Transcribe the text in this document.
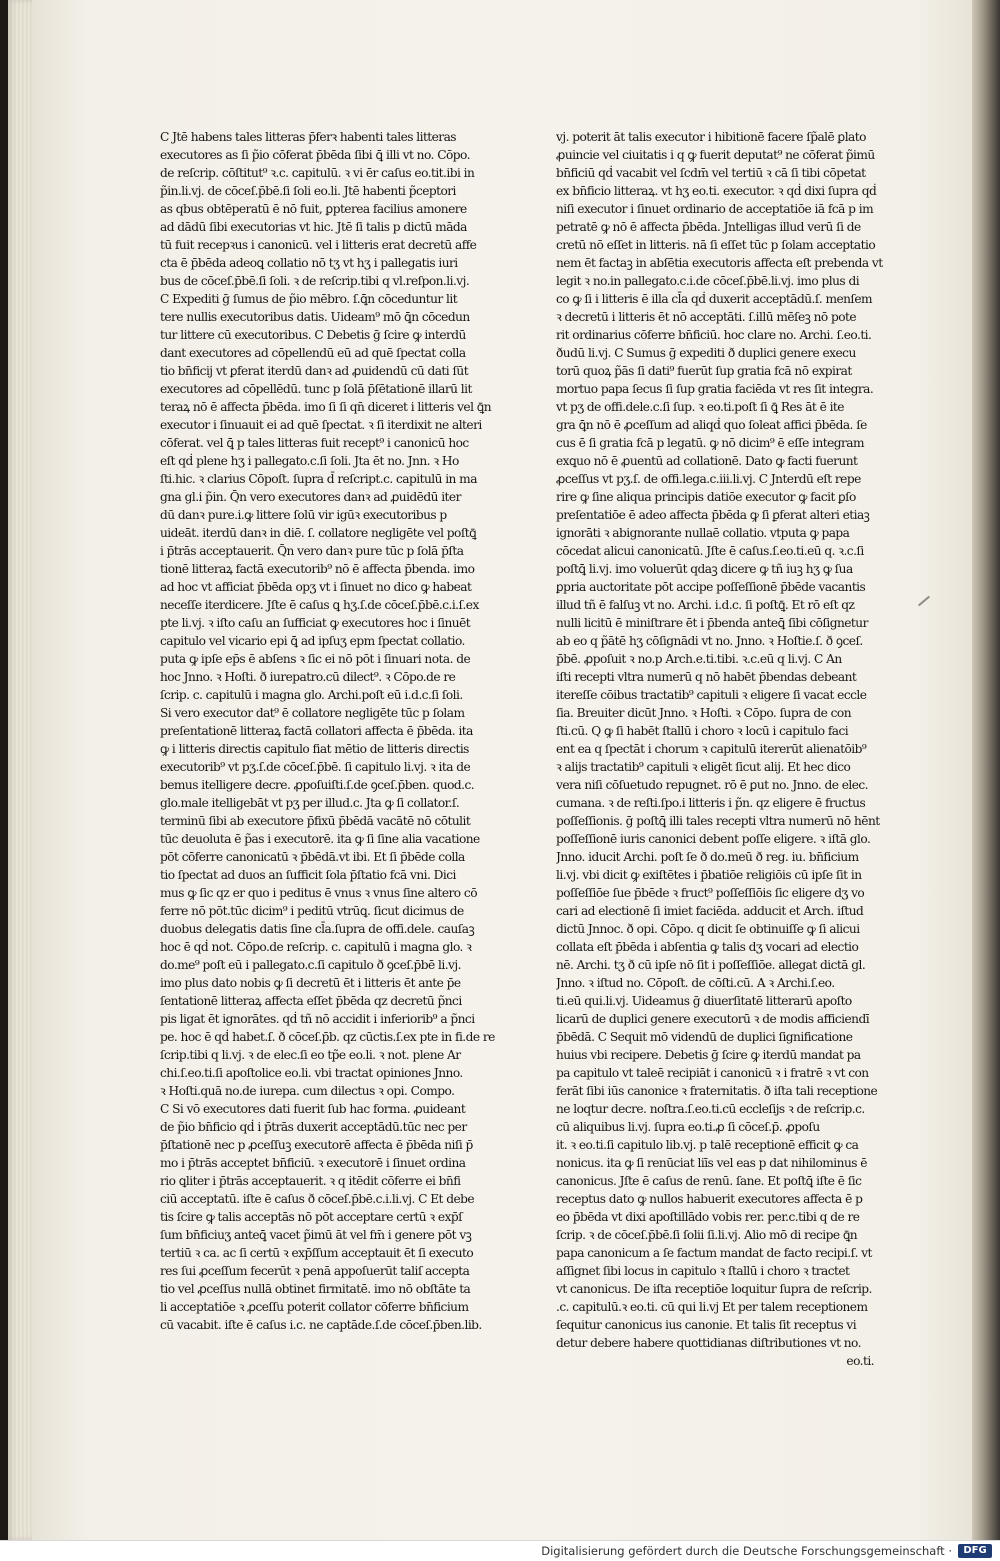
C Jtē habens tales litteras p̄ferꝛ habenti tales litteras
executores as ſi p̃io cōferat p̄bēda ſibi ꝗ̄ illi vt no. Cōpo.
de reſcrip. cōſtitut⁹ ꝛ.c. capitulū. ꝛ vi ēr caſus eo.tit.ibi in
p̃in.li.vj. de cōceſ.p̄bē.ſi ſoli eo.li. Jtē habenti p̃ceptori
as qbus obtēperatū ē nō fuit, ꝑpterea facilius amonere
ad dādū ſibi executorias vt hic. Jtē ſi talis p dictū māda
tū fuit recepꝛus i canonicū. vel i litteris erat decretū affe
cta ē p̄bēda adeoꝗ collatio nō tʒ vt hʒ i pallegatis iuri
bus de cōceſ.p̄bē.ſi ſoli. ꝛ de reſcrip.tibi q vl.reſpon.li.vj.
C Expediti ḡ ſumus de p̃io mēbro. ſ.ꝗ̄n cōceduntur lit
tere nullis executoribus datis. Uideam⁹ mō ꝗ̄n cōcedun
tur littere cū executoribus. C Debetis ḡ ſcire ꝙ interdū
dant executores ad cōpellendū eū ad quē ſpectat colla
tio bn̄ficij vt ꝑferat iterdū danꝛ ad ꝓuidendū cū dati ſūt
executores ad cōpellēdū. tunc p ſolā p̄ſētationē illarū lit
teraꝝ nō ē affecta p̄bēda. imo ſi ſi qn̄ diceret i litteris vel ꝗ̄n
executor i ſinuauit ei ad quē ſpectat. ꝛ ſi iterdixit ne alteri
cōferat. vel ꝗ̄ p tales litteras fuit recept⁹ i canonicū hoc
eſt qḋ plene hʒ i pallegato.c.ſi ſoli. Jta ēt no. Jnn. ꝛ Ho
ſti.hic. ꝛ clarius Cōpoſt. ſupra d̄ reſcript.c. capitulū in ma
gna gl.i p̃in. Q̄n vero executores danꝛ ad ꝓuidēdū iter
dū danꝛ pure.i.ꝙ littere ſolū vir igūꝛ executoribus p
uideāt. iterdū danꝛ in diē. ſ. collatore negligēte vel poſtꝗ̄
i p̄trās acceptauerit. Q̄n vero danꝛ pure tūc p ſolā p̄ſta
tionē litteraꝝ factā executorib⁹ nō ē affecta p̄benda. imo
ad hoc vt afficiat p̄bēda opʒ vt i ſinuet no dico ꝙ habeat
neceſſe iterdicere. Jſte ē caſus ꝗ hʒ.ſ.de cōceſ.p̄bē.c.i.ſ.ex
pte li.vj. ꝛ iſto caſu an ſufficiat ꝙ executores hoc i ſinuēt
capitulo vel vicario epi ꝗ̄ ad ipſuʒ epm ſpectat collatio.
puta ꝙ ipſe ep̄s ē abſens ꝛ ſic ei nō pōt i ſinuari nota. de
hoc Jnno. ꝛ Hoſti. ð iurepatro.cū dilect⁹. ꝛ Cōpo.de re
ſcrip. c. capitulū i magna glo. Archi.poſt eū i.d.c.ſi ſoli.
Si vero executor dat⁹ ē collatore negligēte tūc p ſolam
preſentationē litteraꝝ factā collatori affecta ē p̄bēda. ita
ꝙ i litteris directis capitulo fiat mētio de litteris directis
executorib⁹ vt pʒ.ſ.de cōceſ.p̄bē. ſi capitulo li.vj. ꝛ ita de
bemus itelligere decre. ꝓpoſuiſti.ſ.de ꝯceſ.p̄ben. quod.c.
glo.male itelligebāt vt pʒ per illud.c. Jta ꝙ ſi collator.ſ.
terminū ſibi ab executore p̄fixū p̄bēdā vacātē nō cōtulit
tūc deuoluta ē p̃as i executorē. ita ꝙ ſi ſine alia vacatione
pōt cōferre canonicatū ꝛ p̄bēdā.vt ibi. Et ſi p̄bēde colla
tio ſpectat ad duos an ſufficit ſola p̄ſtatio fcā vni. Dici
mus ꝙ ſic qz er quo i peditus ē vnus ꝛ vnus ſine altero cō
ferre nō pōt.tūc dicim⁹ i peditū vtrūꝗ. ſicut dicimus de
duobus delegatis datis ſine cl̄a.ſupra de offi.dele. cauſaꝫ
hoc ē qḋ not. Cōpo.de reſcrip. c. capitulū i magna glo. ꝛ
do.me⁹ poſt eū i pallegato.c.ſi capitulo ð ꝯceſ.p̄bē li.vj.
imo plus dato nobis ꝙ ſi decretū ēt i litteris ēt ante p̄e
ſentationē litteraꝝ affecta eſſet p̄bēda qz decretū p̃nci
pis ligat ēt ignorātes. qḋ tñ nō accidit i inferiorib⁹ a p̃nci
pe. hoc ē qḋ habet.ſ. ð cōceſ.p̄b. qz cūctis.ſ.ex pte in fi.de re
ſcrip.tibi q li.vj. ꝛ de elec.ſi eo tp̃e eo.li. ꝛ not. plene Ar
chi.ſ.eo.ti.ſi apoſtolice eo.li. vbi tractat opiniones Jnno.
ꝛ Hoſti.quā no.de iurepa. cum dilectus ꝛ opi. Compo.
C Si vō executores dati fuerit ſub hac forma. ꝓuideant
de p̃io bn̄ficio qḋ i p̄trās duxerit acceptādū.tūc nec per
p̄ſtationē nec p ꝓceſſuꝫ executorē affecta ē p̄bēda niſi p̄
mo i p̄trās acceptet bn̄ficiū. ꝛ executorē i ſinuet ordina
rio ꝗliter i p̄trās acceptauerit. ꝛ q itēdit cōferre ei bn̄fi
ciū acceptatū. iſte ē caſus ð cōceſ.p̄bē.c.i.li.vj. C Et debe
tis ſcire ꝙ talis acceptās nō pōt acceptare certū ꝛ exp̄ſ
ſum bn̄ficiuʒ anteꝗ̄ vacet p̃imū āt vel fm̄ i genere pōt vꝫ
tertiū ꝛ ca. ac ſi certū ꝛ exp̄ſſum acceptauit ēt ſi executo
res ſui ꝓceſſum fecerūt ꝛ penā appoſuerūt taliſ accepta
tio vel ꝓceſſus nullā obtinet firmitatē. imo nō obſtāte ta
li acceptatiōe ꝛ ꝓceſſu poterit collator cōferre bn̄ficium
cū vacabit. iſte ē caſus i.c. ne captāde.ſ.de cōceſ.p̄ben.lib.
vj. poterit āt talis executor i hibitionē facere ſp̃alē ꝑlato
ꝓuincie vel ciuitatis i q ꝙ fuerit deputat⁹ ne cōferat p̃imū
bn̄ficiū qḋ vacabit vel ſcdm̄ vel tertiū ꝛ cā ſi tibi cōpetat
ex bn̄ficio litteraꝝ. vt hʒ eo.ti. executor. ꝛ qḋ dixi ſupra qḋ
niſi executor i ſinuet ordinario de acceptatiōe iā fcā p im
petratē ꝙ nō ē affecta p̄bēda. Jntelligas illud verū ſi de
cretū nō eſſet in litteris. nā ſi eſſet tūc p ſolam acceptatio
nem ēt factaꝫ in abſētia executoris affecta eſt prebenda vt
legit ꝛ no.in pallegato.c.i.de cōceſ.p̄bē.li.vj. imo plus di
co ꝙ ſi i litteris ē illa cl̄a qḋ duxerit acceptādū.ſ. menſem
ꝛ decretū i litteris ēt nō acceptāti. ſ.illū mēſeꝫ nō pote
rit ordinarius cōferre bn̄ficiū. hoc clare no. Archi. ſ.eo.ti.
ðudū li.vj. C Sumus ḡ expediti ð duplici genere execu
torū quoꝝ p̃ās ſi dati⁹ fuerūt ſup gratia fcā nō expirat
mortuo papa ſecus ſi ſup gratia faciēda vt res ſit integra.
vt pʒ de offi.dele.c.ſi ſup. ꝛ eo.ti.poſt ſi ꝗ̄ Res āt ē ite
gra ꝗ̄n nō ē ꝓceſſum ad aliqḋ quo ſoleat affici p̄bēda. ſe
cus ē ſi gratia fcā p legatū. ꝙ nō dicim⁹ ē eſſe integram
exꝗuo nō ē ꝓuentū ad collationē. Dato ꝙ facti fuerunt
ꝓceſſus vt pʒ.ſ. de offi.lega.c.iii.li.vj. C Jnterdū eſt repe
rire ꝙ ſine aliqua principis datiōe executor ꝙ facit ꝑſo
preſentatiōe ē adeo affecta p̄bēda ꝙ ſi ꝑferat alteri etiaꝫ
ignorāti ꝛ abignorante nullaē collatio. vtputa ꝙ papa
cōcedat alicui canonicatū. Jſte ē caſus.ſ.eo.ti.eū q. ꝛ.c.ſi
poſtꝗ̄ li.vj. imo voluerūt qdaꝫ dicere ꝙ tñ iuꝫ hʒ ꝙ ſua
ꝑpria auctoritate pōt accipe poſſeſſionē p̄bēde vacantis
illud tñ ē falſuꝫ vt no. Archi. i.d.c. ſi poſtꝗ̄. Et rō eſt qz
nulli licitū ē miniſtrare ēt i p̄benda anteꝗ̄ ſibi cōſignetur
ab eo q p̃ātē hʒ cōſignādi vt no. Jnno. ꝛ Hoſtie.ſ. ð ꝯceſ.
p̄bē. ꝓpoſuit ꝛ no.p Arch.e.ti.tibi. ꝛ.c.eū q li.vj. C An
iſti recepti vltra numerū q nō habēt p̄bendas debeant
itereſſe cōibus tractatib⁹ capituli ꝛ eligere ſi vacat eccle
ſia. Breuiter dicūt Jnno. ꝛ Hoſti. ꝛ Cōpo. ſupra de con
ſti.cū. Q ꝙ ſi habēt ſtallū i choro ꝛ locū i capitulo faci
ent ea q ſpectāt i chorum ꝛ capitulū itererūt alienatōib⁹
ꝛ alijs tractatib⁹ capituli ꝛ eligēt ſicut alij. Et hec dico
vera niſi cōſuetudo repugnet. rō ē ꝑut no. Jnno. de elec.
cumana. ꝛ de reſti.ſpo.i litteris i p̃n. qz eligere ē fructus
poſſeſſionis. ḡ poſtꝗ̄ illi tales recepti vltra numerū nō hēnt
poſſeſſionē iuris canonici debent poſſe eligere. ꝛ iſtā glo.
Jnno. iducit Archi. poſt ſe ð do.meū ð reg. iu. bn̄ficium
li.vj. vbi dicit ꝙ exiſtētes i p̄batiōe religiōis cū ipſe ſit in
poſſeſſiōe ſue p̄bēde ꝛ fruct⁹ poſſeſſiōis ſic eligere dʒ vo
cari ad electionē ſi imiet faciēda. adducit et Arch. iſtud
dictū Jnnoc. ð opi. Cōpo. q dicit ſe obtinuiſſe ꝙ ſi alicui
collata eſt p̄bēda i abſentia ꝙ talis dʒ vocari ad electio
nē. Archi. tʒ ð cū ipſe nō ſit i poſſeſſiōe. allegat dictā gl.
Jnno. ꝛ iſtud no. Cōpoſt. de cōſti.cū. A ꝛ Archi.ſ.eo.
ti.eū qui.li.vj. Uideamus ḡ diuerſitatē litterarū apoſto
licarū de duplici genere executorū ꝛ de modis afficiendī
p̄bēdā. C Sequit mō videndū de duplici ſignificatione
huius vbi recipere. Debetis ḡ ſcire ꝙ iterdū mandat pa
pa capitulo vt taleē recipiāt i canonicū ꝛ i fratrē ꝛ vt con
ferāt ſibi iūs canonice ꝛ fraternitatis. ð iſta tali receptione
ne loqtur decre. noſtra.ſ.eo.ti.cū eccleſijs ꝛ de reſcrip.c.
cū aliquibus li.vj. ſupra eo.ti.ꝓ ſi cōceſ.p̄. ꝓpoſu
it. ꝛ eo.ti.ſi capitulo lib.vj. p talē receptionē efficit ꝙ ca
nonicus. ita ꝙ ſi renūciat liīs vel eas p dat nihilominus ē
canonicus. Jſte ē caſus de renū. ſane. Et poſtꝗ̄ iſte ē ſic
receptus dato ꝙ nullos habuerit executores affecta ē p
eo p̄bēda vt dixi apoſtillādo vobis rer. per.c.tibi q de re
ſcrip. ꝛ de cōceſ.p̄bē.ſi ſolii ſi.li.vj. Alio mō di recipe ꝗ̄n
papa canonicum a ſe factum mandat de facto recipi.ſ. vt
aſſignet ſibi locus in capitulo ꝛ ſtallū i choro ꝛ tractet
vt canonicus. De iſta receptiōe loquitur ſupra de reſcrip.
.c. capitulū.ꝛ eo.ti. cū qui li.vj Et per talem receptionem
ſequitur canonicus ius canonie. Et talis ſit receptus vi
detur debere habere quottidianas diſtributiones vt no.
eo.ti.
Digitalisierung gefördert durch die Deutsche Forschungsgemeinschaft ·	DFG
